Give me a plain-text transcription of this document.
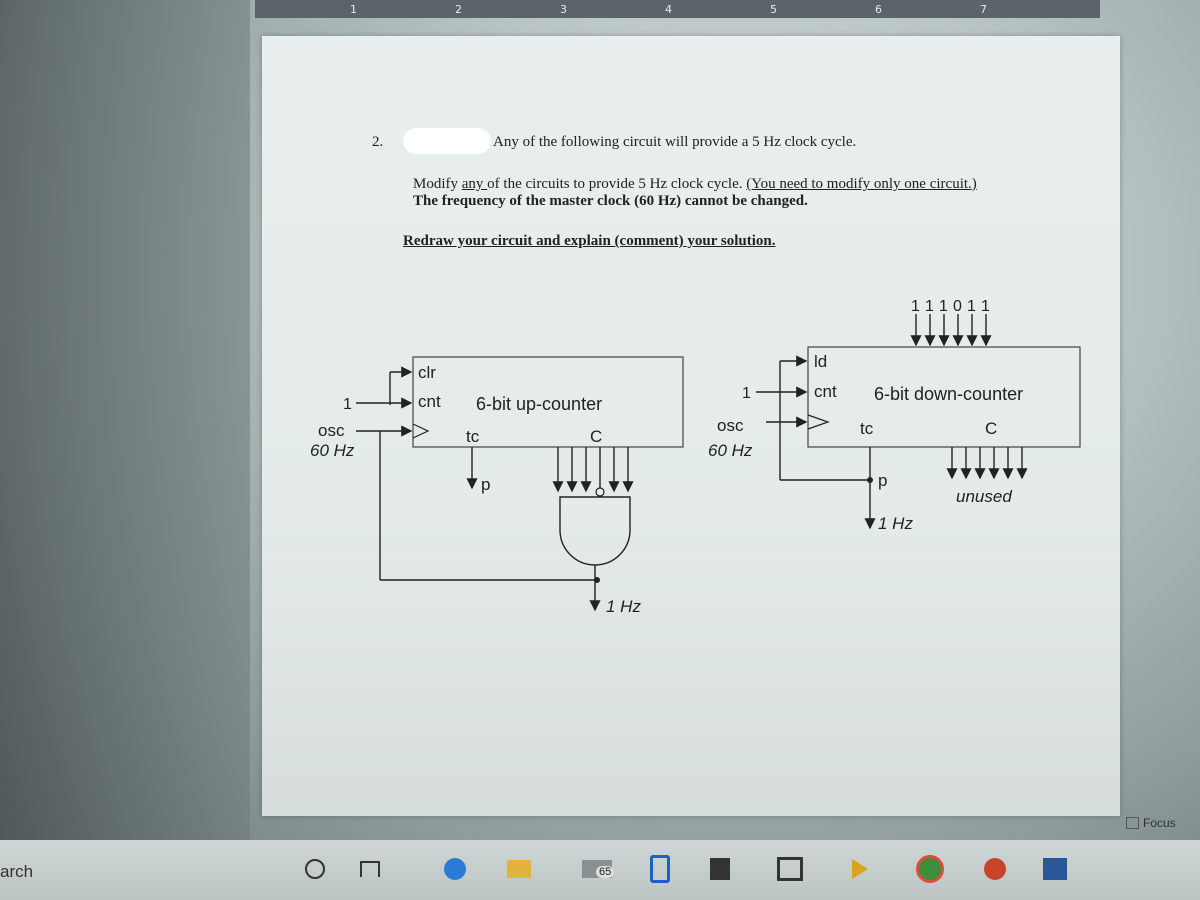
1	2	3	4	5	6	7
2.	Any of the following circuit will provide a 5 Hz clock cycle.
Modify any of the circuits to provide 5 Hz clock cycle. (You need to modify only one circuit.)
The frequency of the master clock (60 Hz) cannot be changed.
Redraw your circuit and explain (comment) your solution.
clr
cnt
1	6-bit up-counter
tc	C
osc
60 Hz
p
1 Hz
1 1 1 0 1 1
ld
cnt
1	6-bit down-counter
tc	C
osc
60 Hz
p
unused
1 Hz
Focus
arch	65
